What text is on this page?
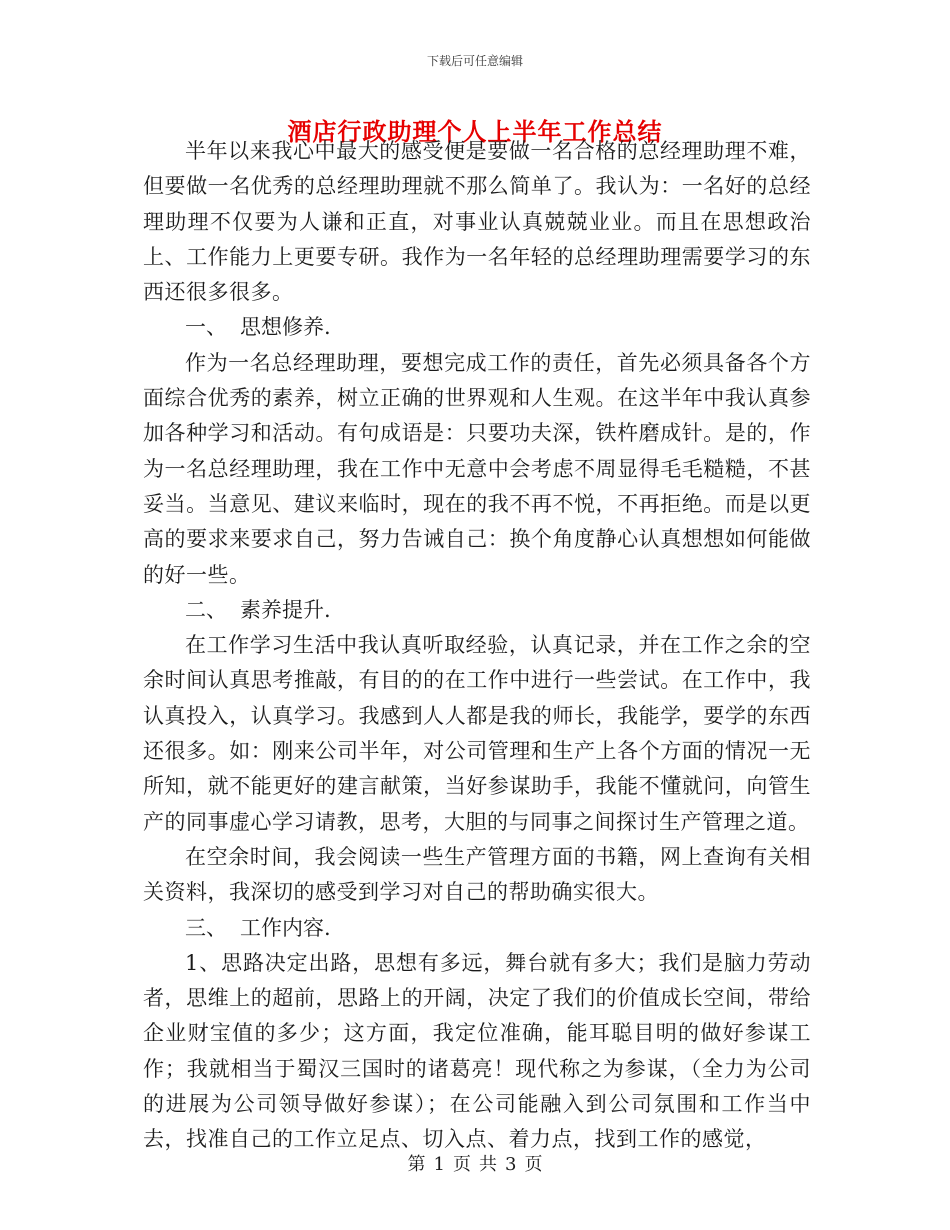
下载后可任意编辑
酒店行政助理个人上半年工作总结

半年以来我心中最大的感受便是要做一名合格的总经理助理不难，但要做一名优秀的总经理助理就不那么简单了。我认为：一名好的总经理助理不仅要为人谦和正直，对事业认真兢兢业业。而且在思想政治上、工作能力上更要专研。我作为一名年轻的总经理助理需要学习的东西还很多很多。

一、 思想修养.

作为一名总经理助理，要想完成工作的责任，首先必须具备各个方面综合优秀的素养，树立正确的世界观和人生观。在这半年中我认真参加各种学习和活动。有句成语是：只要功夫深，铁杵磨成针。是的，作为一名总经理助理，我在工作中无意中会考虑不周显得毛毛糙糙，不甚妥当。当意见、建议来临时，现在的我不再不悦，不再拒绝。而是以更高的要求来要求自己，努力告诫自己：换个角度静心认真想想如何能做的好一些。

二、 素养提升.

在工作学习生活中我认真听取经验，认真记录，并在工作之余的空余时间认真思考推敲，有目的的在工作中进行一些尝试。在工作中，我认真投入，认真学习。我感到人人都是我的师长，我能学，要学的东西还很多。如：刚来公司半年，对公司管理和生产上各个方面的情况一无所知，就不能更好的建言献策，当好参谋助手，我能不懂就问，向管生产的同事虚心学习请教，思考，大胆的与同事之间探讨生产管理之道。

在空余时间，我会阅读一些生产管理方面的书籍，网上查询有关相关资料，我深切的感受到学习对自己的帮助确实很大。

三、 工作内容.

1、思路决定出路，思想有多远，舞台就有多大；我们是脑力劳动者，思维上的超前，思路上的开阔，决定了我们的价值成长空间，带给企业财宝值的多少；这方面，我定位准确，能耳聪目明的做好参谋工作；我就相当于蜀汉三国时的诸葛亮！现代称之为参谋，（全力为公司的进展为公司领导做好参谋）；在公司能融入到公司氛围和工作当中去，找准自己的工作立足点、切入点、着力点，找到工作的感觉，

第 1 页 共 3 页
